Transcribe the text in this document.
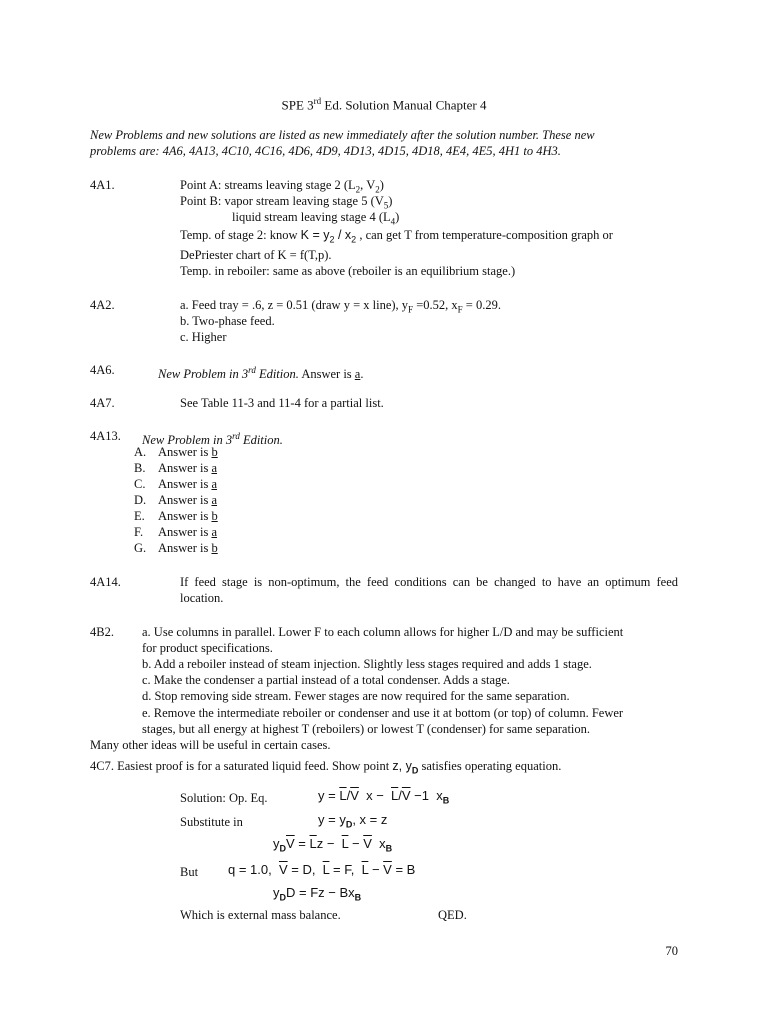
SPE 3rd Ed. Solution Manual Chapter 4
New Problems and new solutions are listed as new immediately after the solution number. These new
problems are: 4A6, 4A13, 4C10, 4C16, 4D6, 4D9, 4D13, 4D15, 4D18, 4E4, 4E5, 4H1 to 4H3.
4A1.	Point A: streams leaving stage 2 ($L_2$, $V_2$)
Point B: vapor stream leaving stage 5 $(V_5)$
liquid stream leaving stage 4 $(L_4)$
Temp. of stage 2: know $K = y_2 / x_2$ , can get T from temperature-composition graph or
DePriester chart of K = f(T,p).
Temp. in reboiler: same as above (reboiler is an equilibrium stage.)
4A2.	a. Feed tray = .6, z = 0.51 (draw y = x line), $y_F =0.52$, $x_F = 0.29$.
b. Two-phase feed.
c. Higher
4A6.	New Problem in 3rd Edition. Answer is a.
4A7.	See Table 11-3 and 11-4 for a partial list.
4A13. New Problem in 3rd Edition.
A. Answer is b
B. Answer is a
C. Answer is a
D. Answer is a
E. Answer is b
F. Answer is a
G. Answer is b
4A14.	If feed stage is non-optimum, the feed conditions can be changed to have an optimum feed location.
4B2. a. Use columns in parallel. Lower F to each column allows for higher L/D and may be sufficient
for product specifications.
b. Add a reboiler instead of steam injection. Slightly less stages required and adds 1 stage.
c. Make the condenser a partial instead of a total condenser. Adds a stage.
d. Stop removing side stream. Fewer stages are now required for the same separation.
e. Remove the intermediate reboiler or condenser and use it at bottom (or top) of column. Fewer
stages, but all energy at highest T (reboilers) or lowest T (condenser) for same separation.
Many other ideas will be useful in certain cases.
4C7. Easiest proof is for a saturated liquid feed. Show point z, $y_D$ satisfies operating equation.
Solution: Op. Eq.	$y = \overline{L}/\overline{V}$  $x - \overline{L}/\overline{V} -1$  $x_B$
Substitute in	$y = y_D$, x = z
$y_D\overline{V} = \overline{L}z - \overline{L} - \overline{V}$  $x_B$
But q = 1.0,  $\overline{V} = D$,  $\overline{L} = F$,  $\overline{L} - \overline{V} = B$
$y_DD = Fz - Bx_B$
Which is external mass balance.	QED.
70
